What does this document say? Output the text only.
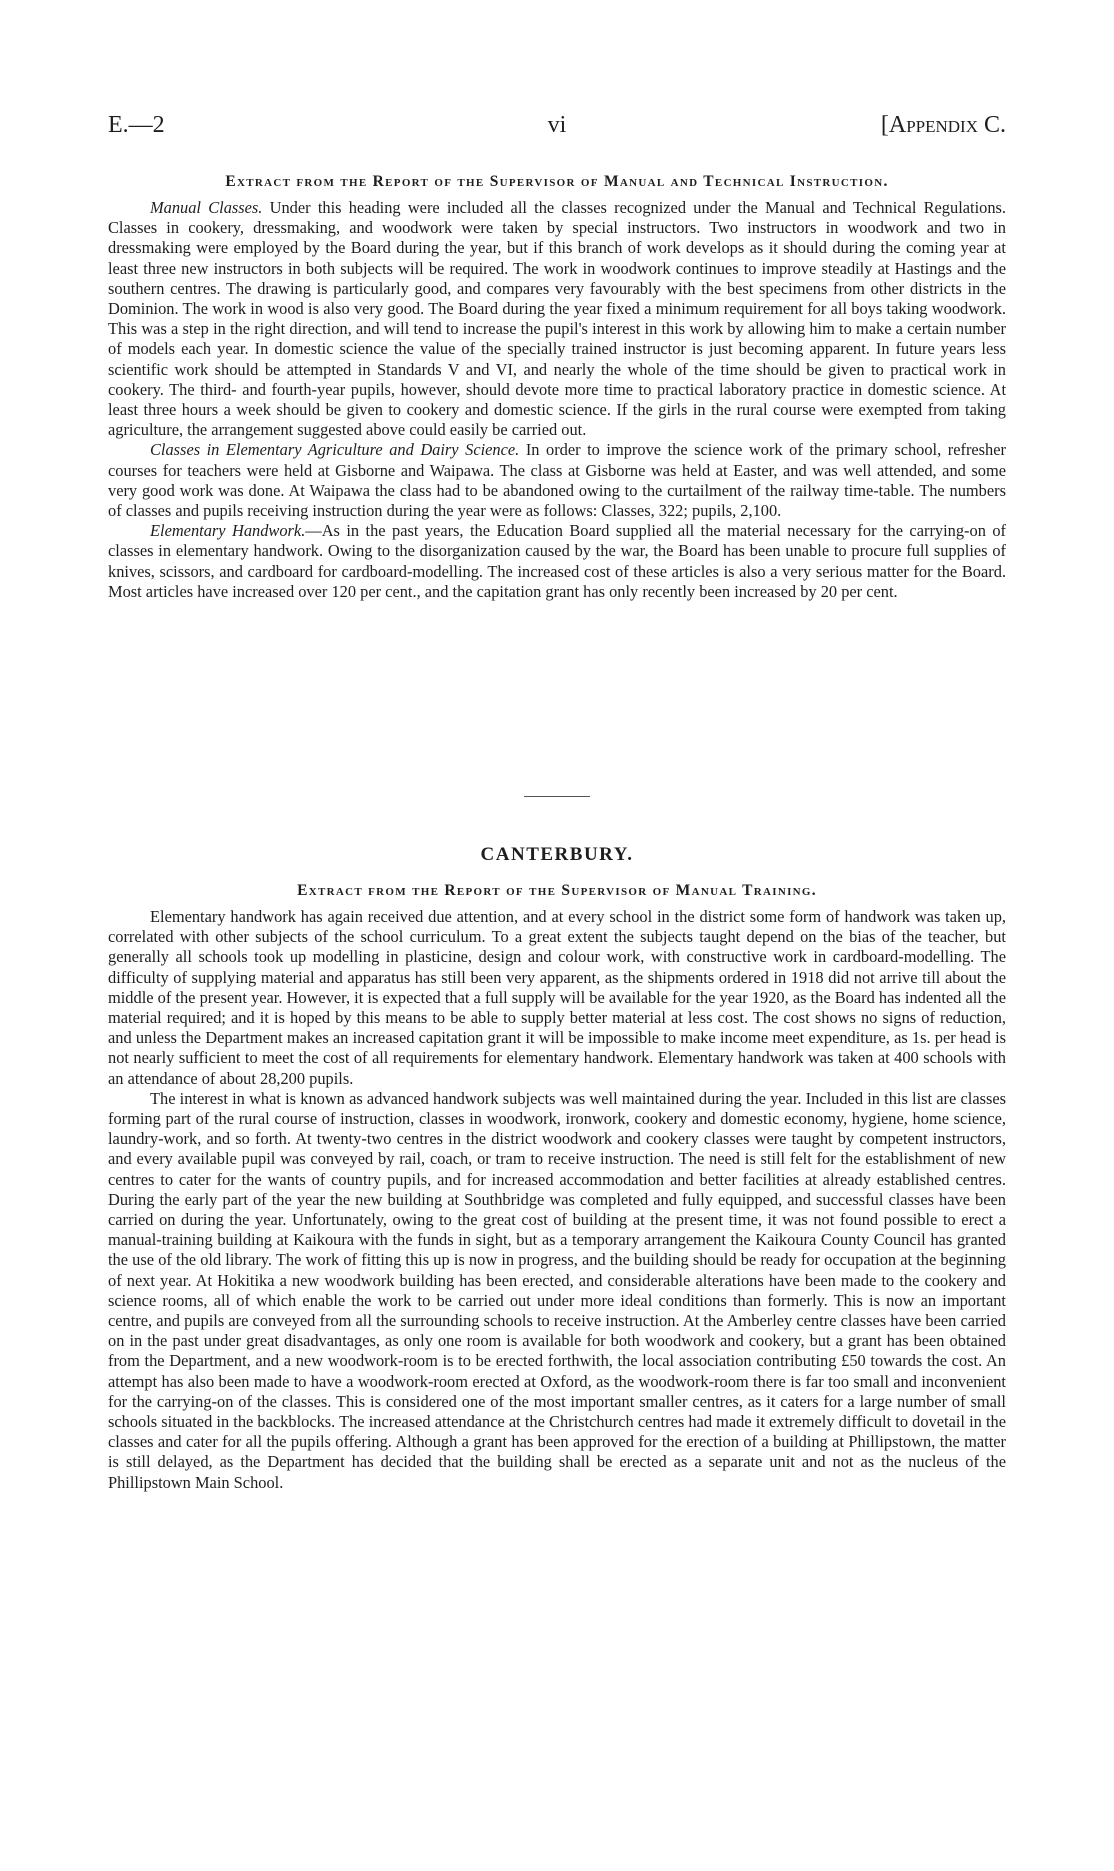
E.—2	vi	[Appendix C.
Extract from the Report of the Supervisor of Manual and Technical Instruction.

Manual Classes. Under this heading were included all the classes recognized under the Manual and Technical Regulations. Classes in cookery, dressmaking, and woodwork were taken by special instructors. Two instructors in woodwork and two in dressmaking were employed by the Board during the year, but if this branch of work develops as it should during the coming year at least three new instructors in both subjects will be required. The work in woodwork continues to improve steadily at Hastings and the southern centres. The drawing is particularly good, and compares very favourably with the best specimens from other districts in the Dominion. The work in wood is also very good. The Board during the year fixed a minimum requirement for all boys taking woodwork. This was a step in the right direction, and will tend to increase the pupil's interest in this work by allowing him to make a certain number of models each year. In domestic science the value of the specially trained instructor is just becoming apparent. In future years less scientific work should be attempted in Standards V and VI, and nearly the whole of the time should be given to practical work in cookery. The third- and fourth-year pupils, however, should devote more time to practical laboratory practice in domestic science. At least three hours a week should be given to cookery and domestic science. If the girls in the rural course were exempted from taking agriculture, the arrangement suggested above could easily be carried out.

Classes in Elementary Agriculture and Dairy Science. In order to improve the science work of the primary school, refresher courses for teachers were held at Gisborne and Waipawa. The class at Gisborne was held at Easter, and was well attended, and some very good work was done. At Waipawa the class had to be abandoned owing to the curtailment of the railway time-table. The numbers of classes and pupils receiving instruction during the year were as follows: Classes, 322; pupils, 2,100.

Elementary Handwork.—As in the past years, the Education Board supplied all the material necessary for the carrying-on of classes in elementary handwork. Owing to the disorganization caused by the war, the Board has been unable to procure full supplies of knives, scissors, and cardboard for cardboard-modelling. The increased cost of these articles is also a very serious matter for the Board. Most articles have increased over 120 per cent., and the capitation grant has only recently been increased by 20 per cent.

CANTERBURY.
Extract from the Report of the Supervisor of Manual Training.

Elementary handwork has again received due attention, and at every school in the district some form of handwork was taken up, correlated with other subjects of the school curriculum. To a great extent the subjects taught depend on the bias of the teacher, but generally all schools took up modelling in plasticine, design and colour work, with constructive work in cardboard-modelling. The difficulty of supplying material and apparatus has still been very apparent, as the shipments ordered in 1918 did not arrive till about the middle of the present year. However, it is expected that a full supply will be available for the year 1920, as the Board has indented all the material required; and it is hoped by this means to be able to supply better material at less cost. The cost shows no signs of reduction, and unless the Department makes an increased capitation grant it will be impossible to make income meet expenditure, as 1s. per head is not nearly sufficient to meet the cost of all requirements for elementary handwork. Elementary handwork was taken at 400 schools with an attendance of about 28,200 pupils.

The interest in what is known as advanced handwork subjects was well maintained during the year. Included in this list are classes forming part of the rural course of instruction, classes in woodwork, ironwork, cookery and domestic economy, hygiene, home science, laundry-work, and so forth. At twenty-two centres in the district woodwork and cookery classes were taught by competent instructors, and every available pupil was conveyed by rail, coach, or tram to receive instruction. The need is still felt for the establishment of new centres to cater for the wants of country pupils, and for increased accommodation and better facilities at already established centres. During the early part of the year the new building at Southbridge was completed and fully equipped, and successful classes have been carried on during the year. Unfortunately, owing to the great cost of building at the present time, it was not found possible to erect a manual-training building at Kaikoura with the funds in sight, but as a temporary arrangement the Kaikoura County Council has granted the use of the old library. The work of fitting this up is now in progress, and the building should be ready for occupation at the beginning of next year. At Hokitika a new woodwork building has been erected, and considerable alterations have been made to the cookery and science rooms, all of which enable the work to be carried out under more ideal conditions than formerly. This is now an important centre, and pupils are conveyed from all the surrounding schools to receive instruction. At the Amberley centre classes have been carried on in the past under great disadvantages, as only one room is available for both woodwork and cookery, but a grant has been obtained from the Department, and a new woodwork-room is to be erected forthwith, the local association contributing £50 towards the cost. An attempt has also been made to have a woodwork-room erected at Oxford, as the woodwork-room there is far too small and inconvenient for the carrying-on of the classes. This is considered one of the most important smaller centres, as it caters for a large number of small schools situated in the backblocks. The increased attendance at the Christchurch centres had made it extremely difficult to dovetail in the classes and cater for all the pupils offering. Although a grant has been approved for the erection of a building at Phillipstown, the matter is still delayed, as the Department has decided that the building shall be erected as a separate unit and not as the nucleus of the Phillipstown Main School.
